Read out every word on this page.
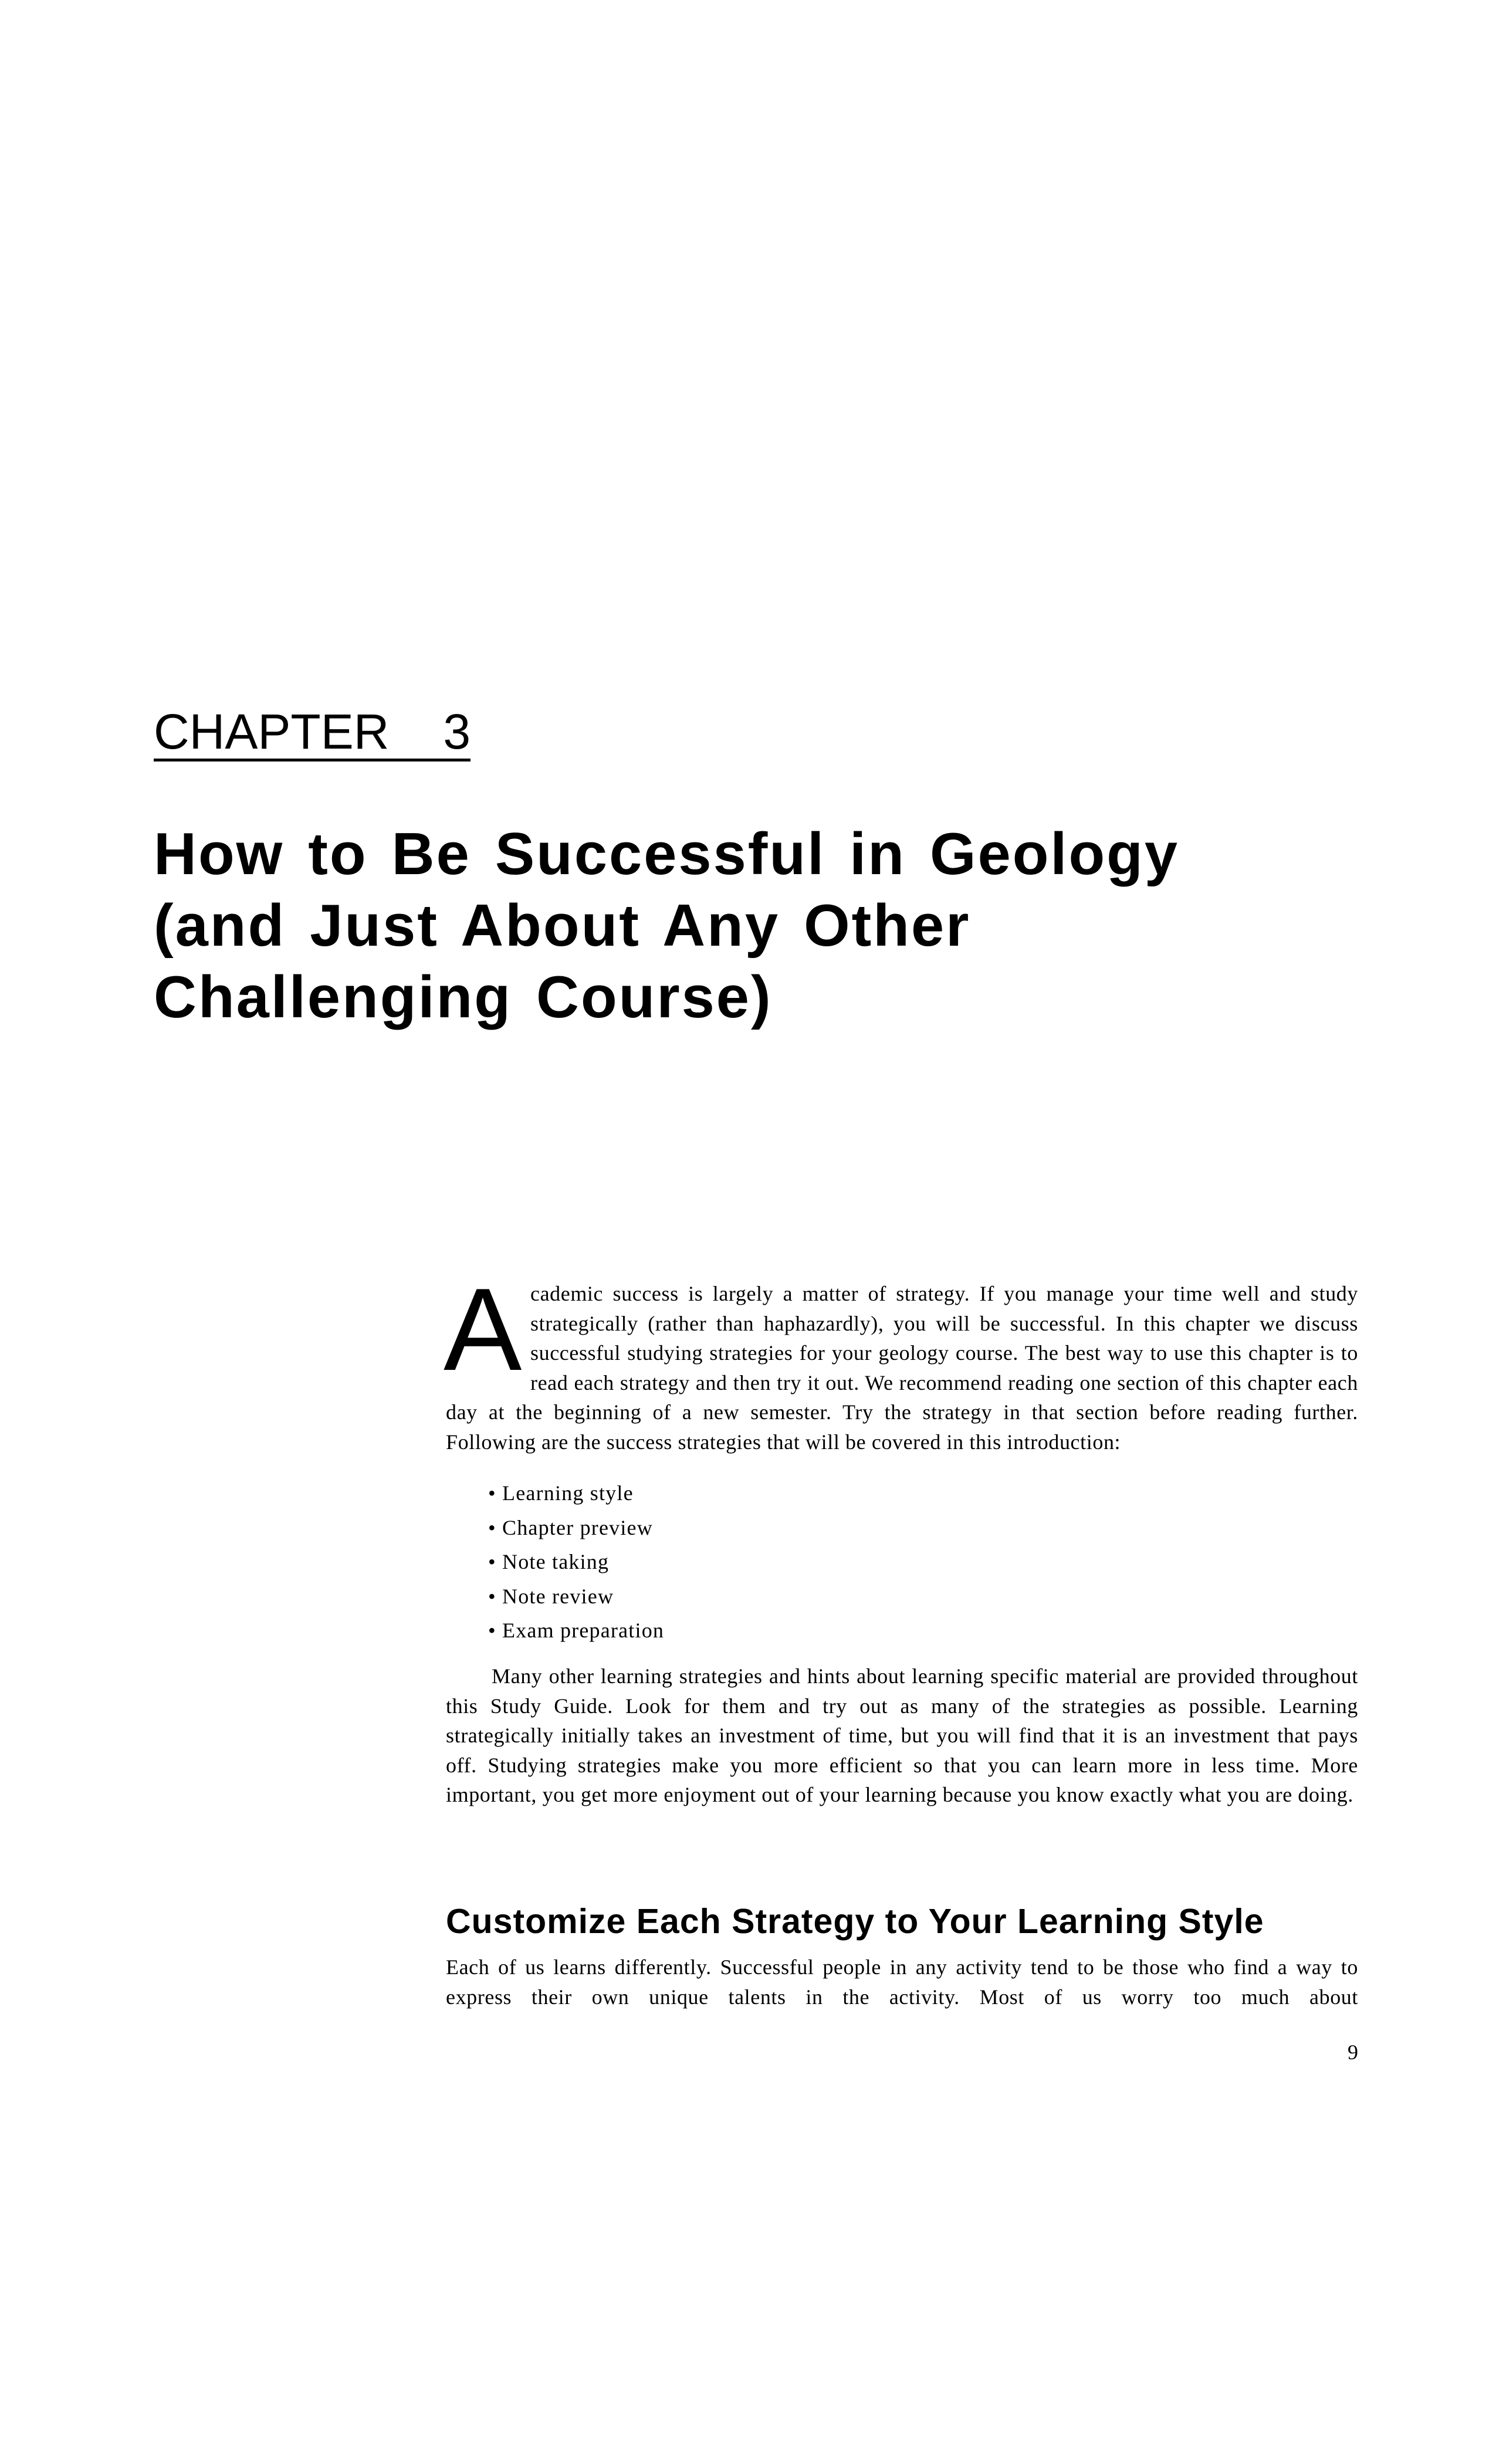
CHAPTER 3
How to Be Successful in Geology
(and Just About Any Other
Challenging Course)
A cademic success is largely a matter of strategy. If you manage your time well and study strategically (rather than haphazardly), you will be successful. In this chapter we discuss successful studying strategies for your geology course. The best way to use this chapter is to read each strategy and then try it out. We recommend reading one section of this chapter each day at the beginning of a new semester. Try the strategy in that section before reading further. Following are the success strategies that will be covered in this introduction:

• Learning style
• Chapter preview
• Note taking
• Note review
• Exam preparation

Many other learning strategies and hints about learning specific material are provided throughout this Study Guide. Look for them and try out as many of the strategies as possible. Learning strategically initially takes an investment of time, but you will find that it is an investment that pays off. Studying strategies make you more efficient so that you can learn more in less time. More important, you get more enjoyment out of your learning because you know exactly what you are doing.

Customize Each Strategy to Your Learning Style

Each of us learns differently. Successful people in any activity tend to be those who find a way to express their own unique talents in the activity. Most of us worry too much about

9
